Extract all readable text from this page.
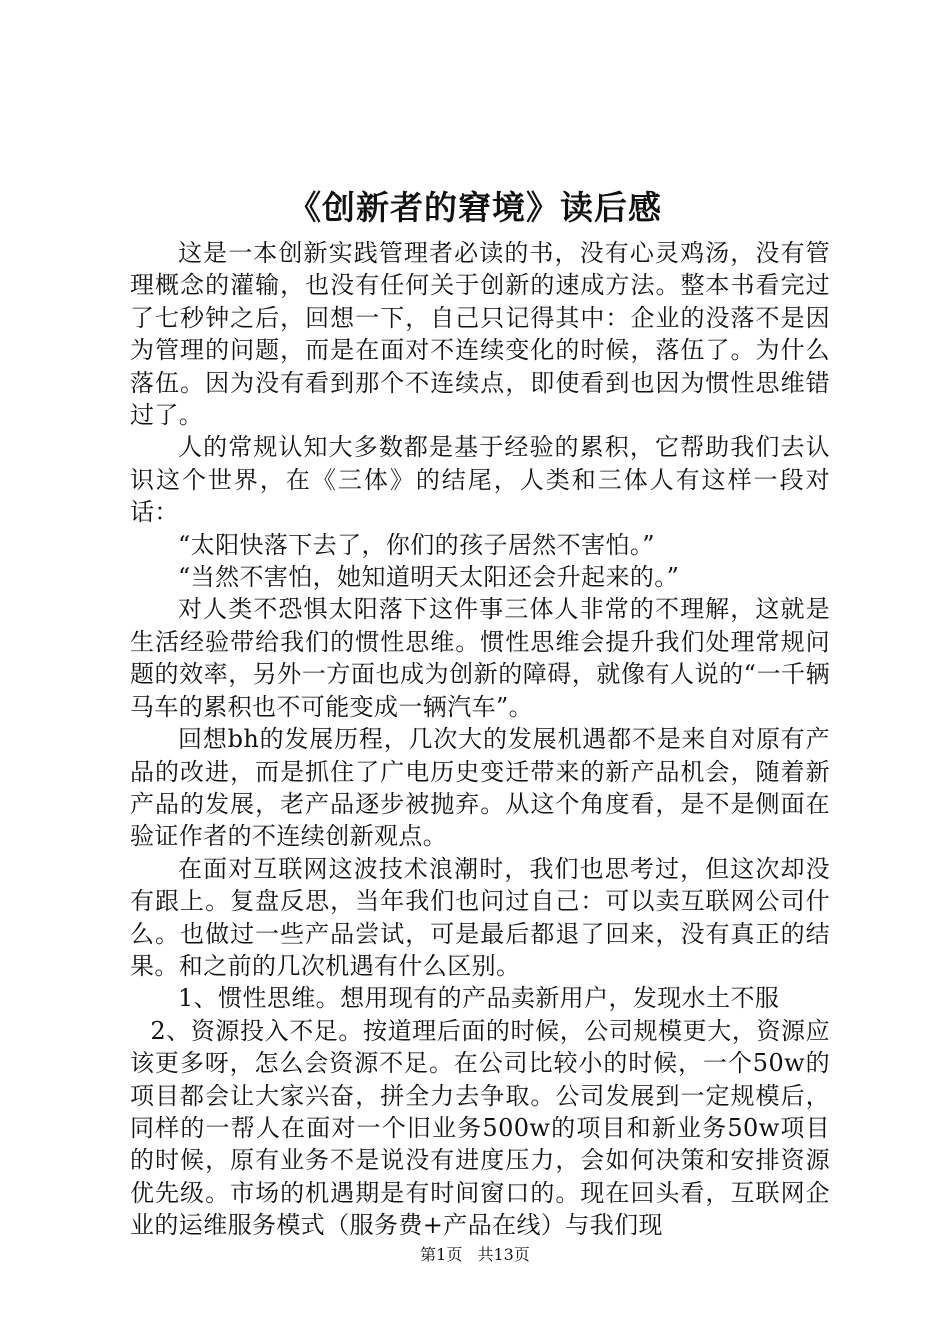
《创新者的窘境》读后感

这是一本创新实践管理者必读的书，没有心灵鸡汤，没有管理概念的灌输，也没有任何关于创新的速成方法。整本书看完过了七秒钟之后，回想一下，自己只记得其中：企业的没落不是因为管理的问题，而是在面对不连续变化的时候，落伍了。为什么落伍。因为没有看到那个不连续点，即使看到也因为惯性思维错过了。

人的常规认知大多数都是基于经验的累积，它帮助我们去认识这个世界，在《三体》的结尾，人类和三体人有这样一段对话：

“太阳快落下去了，你们的孩子居然不害怕。”

“当然不害怕，她知道明天太阳还会升起来的。”

对人类不恐惧太阳落下这件事三体人非常的不理解，这就是生活经验带给我们的惯性思维。惯性思维会提升我们处理常规问题的效率，另外一方面也成为创新的障碍，就像有人说的“一千辆马车的累积也不可能变成一辆汽车”。

回想bh的发展历程，几次大的发展机遇都不是来自对原有产品的改进，而是抓住了广电历史变迁带来的新产品机会，随着新产品的发展，老产品逐步被抛弃。从这个角度看，是不是侧面在验证作者的不连续创新观点。

在面对互联网这波技术浪潮时，我们也思考过，但这次却没有跟上。复盘反思，当年我们也问过自己：可以卖互联网公司什么。也做过一些产品尝试，可是最后都退了回来，没有真正的结果。和之前的几次机遇有什么区别。

1、惯性思维。想用现有的产品卖新用户，发现水土不服

2、资源投入不足。按道理后面的时候，公司规模更大，资源应该更多呀，怎么会资源不足。在公司比较小的时候，一个50w的项目都会让大家兴奋，拼全力去争取。公司发展到一定规模后，同样的一帮人在面对一个旧业务500w的项目和新业务50w项目的时候，原有业务不是说没有进度压力，会如何决策和安排资源优先级。市场的机遇期是有时间窗口的。现在回头看，互联网企业的运维服务模式（服务费+产品在线）与我们现

第1页 共13页
